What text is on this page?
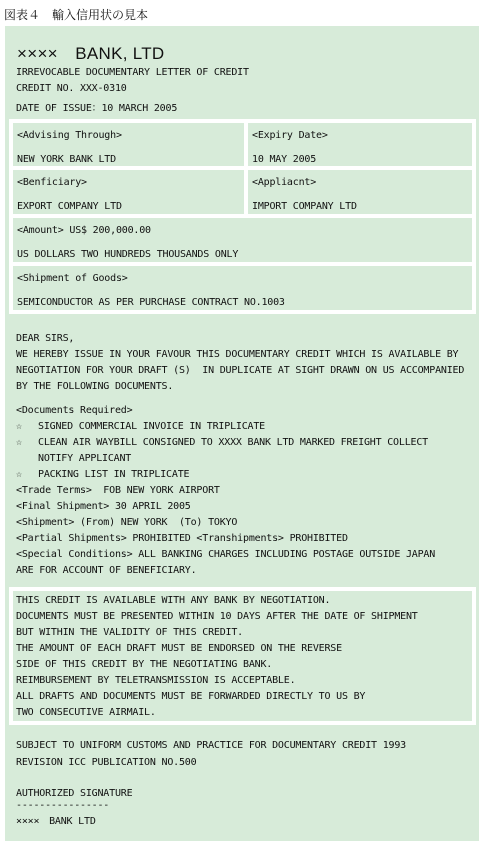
図表４　輸入信用状の見本
××××　BANK, LTD
IRREVOCABLE DOCUMENTARY LETTER OF CREDIT
CREDIT NO. XXX-0310
DATE OF ISSUE：10 MARCH 2005
<Advising Through>
NEW YORK BANK LTD
<Expiry Date>
10 MAY 2005
<Benficiary>
EXPORT COMPANY LTD
<Appliacnt>
IMPORT COMPANY LTD
<Amount> US$ 200,000.00
US DOLLARS TWO HUNDREDS THOUSANDS ONLY
<Shipment of Goods>
SEMICONDUCTOR AS PER PURCHASE CONTRACT NO.1003
DEAR SIRS,
WE HEREBY ISSUE IN YOUR FAVOUR THIS DOCUMENTARY CREDIT WHICH IS AVAILABLE BY
NEGOTIATION FOR YOUR DRAFT (S)  IN DUPLICATE AT SIGHT DRAWN ON US ACCOMPANIED
BY THE FOLLOWING DOCUMENTS.
<Documents Required>
☆ SIGNED COMMERCIAL INVOICE IN TRIPLICATE
☆ CLEAN AIR WAYBILL CONSIGNED TO XXXX BANK LTD MARKED FREIGHT COLLECT
NOTIFY APPLICANT
☆ PACKING LIST IN TRIPLICATE
<Trade Terms>  FOB NEW YORK AIRPORT
<Final Shipment> 30 APRIL 2005
<Shipment> (From) NEW YORK  (To) TOKYO
<Partial Shipments> PROHIBITED <Transhipments> PROHIBITED
<Special Conditions> ALL BANKING CHARGES INCLUDING POSTAGE OUTSIDE JAPAN
ARE FOR ACCOUNT OF BENEFICIARY.
THIS CREDIT IS AVAILABLE WITH ANY BANK BY NEGOTIATION.
DOCUMENTS MUST BE PRESENTED WITHIN 10 DAYS AFTER THE DATE OF SHIPMENT
BUT WITHIN THE VALIDITY OF THIS CREDIT.
THE AMOUNT OF EACH DRAFT MUST BE ENDORSED ON THE REVERSE
SIDE OF THIS CREDIT BY THE NEGOTIATING BANK.
REIMBURSEMENT BY TELETRANSMISSION IS ACCEPTABLE.
ALL DRAFTS AND DOCUMENTS MUST BE FORWARDED DIRECTLY TO US BY
TWO CONSECUTIVE AIRMAIL.
SUBJECT TO UNIFORM CUSTOMS AND PRACTICE FOR DOCUMENTARY CREDIT 1993
REVISION ICC PUBLICATION NO.500
AUTHORIZED SIGNATURE
----------------
××××　BANK LTD
